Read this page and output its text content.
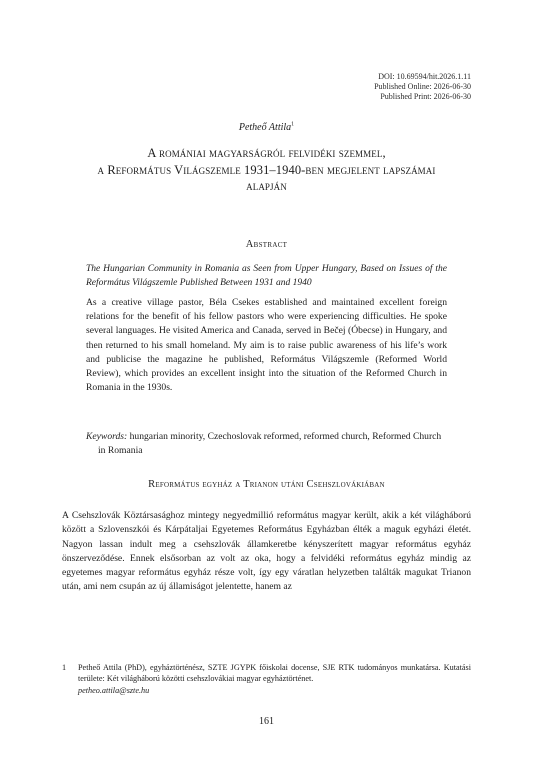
DOI: 10.69594/hit.2026.1.11
Published Online: 2026-06-30
Published Print: 2026-06-30
Petheő Attila$^1$
A romániai magyarságról felvidéki szemmel,
a Református Világszemle 1931–1940-ben megjelent lapszámai
alapján
Abstract
The Hungarian Community in Romania as Seen from Upper Hungary, Based on Issues of the Református Világszemle Published Between 1931 and 1940
As a creative village pastor, Béla Csekes established and maintained excellent foreign relations for the benefit of his fellow pastors who were experiencing difficulties. He spoke several languages. He visited America and Canada, served in Bečej (Óbecse) in Hungary, and then returned to his small homeland. My aim is to raise public awareness of his life’s work and publicise the magazine he published, Református Világszemle (Reformed World Review), which provides an excellent insight into the situation of the Reformed Church in Romania in the 1930s.
Keywords: hungarian minority, Czechoslovak reformed, reformed church, Reformed Church in Romania
Református egyház a Trianon utáni Csehszlovákiában
A Csehszlovák Köztársasághoz mintegy negyedmillió református magyar került, akik a két világháború között a Szlovenszkói és Kárpátaljai Egyetemes Református Egyházban élték a maguk egyházi életét. Nagyon lassan indult meg a csehszlovák államkeretbe kényszerített magyar református egyház önszerveződése. Ennek elsősorban az volt az oka, hogy a felvidéki református egyház mindig az egyetemes magyar református egyház része volt, így egy váratlan helyzetben találták magukat Trianon után, ami nem csupán az új államiságot jelentette, hanem az
1	Petheő Attila (PhD), egyháztörténész, SZTE JGYPK főiskolai docense, SJE RTK tudományos munkatársa. Kutatási területe: Két világháború közötti csehszlovákiai magyar egyháztörténet.
petheo.attila@szte.hu
161
